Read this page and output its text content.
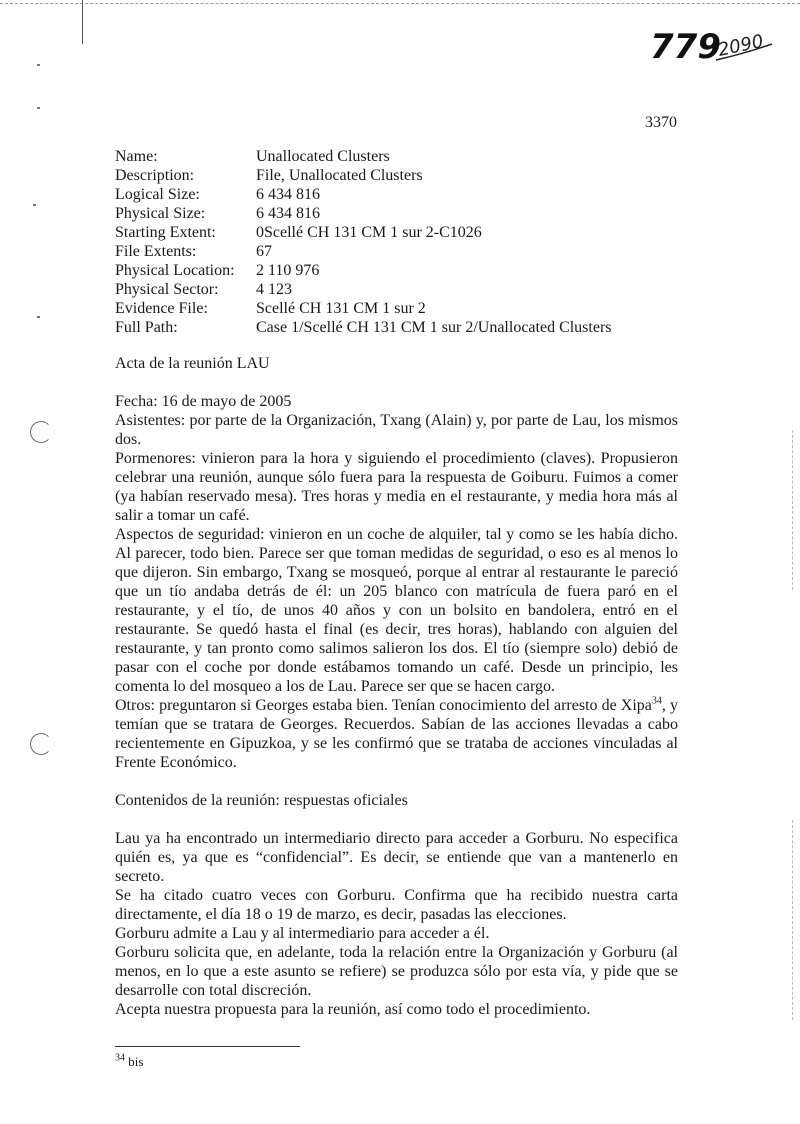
779
2090
3370
Name:	Unallocated Clusters
Description:	File, Unallocated Clusters
Logical Size:	6 434 816
Physical Size:	6 434 816
Starting Extent:	0Scellé CH 131 CM 1 sur 2-C1026
File Extents:	67
Physical Location:	2 110 976
Physical Sector:	4 123
Evidence File:	Scellé CH 131 CM 1 sur 2
Full Path:	Case 1/Scellé CH 131 CM 1 sur 2/Unallocated Clusters

Acta de la reunión LAU

Fecha: 16 de mayo de 2005

Asistentes: por parte de la Organización, Txang (Alain) y, por parte de Lau, los mismos dos.

Pormenores: vinieron para la hora y siguiendo el procedimiento (claves). Propusieron celebrar una reunión, aunque sólo fuera para la respuesta de Goiburu. Fuimos a comer (ya habían reservado mesa). Tres horas y media en el restaurante, y media hora más al salir a tomar un café.

Aspectos de seguridad: vinieron en un coche de alquiler, tal y como se les había dicho. Al parecer, todo bien. Parece ser que toman medidas de seguridad, o eso es al menos lo que dijeron. Sin embargo, Txang se mosqueó, porque al entrar al restaurante le pareció que un tío andaba detrás de él: un 205 blanco con matrícula de fuera paró en el restaurante, y el tío, de unos 40 años y con un bolsito en bandolera, entró en el restaurante. Se quedó hasta el final (es decir, tres horas), hablando con alguien del restaurante, y tan pronto como salimos salieron los dos. El tío (siempre solo) debió de pasar con el coche por donde estábamos tomando un café. Desde un principio, les comenta lo del mosqueo a los de Lau. Parece ser que se hacen cargo.

Otros: preguntaron si Georges estaba bien. Tenían conocimiento del arresto de Xipa$^{34}$, y temían que se tratara de Georges. Recuerdos. Sabían de las acciones llevadas a cabo recientemente en Gipuzkoa, y se les confirmó que se trataba de acciones vinculadas al Frente Económico.

Contenidos de la reunión: respuestas oficiales

Lau ya ha encontrado un intermediario directo para acceder a Gorburu. No especifica quién es, ya que es “confidencial”. Es decir, se entiende que van a mantenerlo en secreto.

Se ha citado cuatro veces con Gorburu. Confirma que ha recibido nuestra carta directamente, el día 18 o 19 de marzo, es decir, pasadas las elecciones.

Gorburu admite a Lau y al intermediario para acceder a él.

Gorburu solicita que, en adelante, toda la relación entre la Organización y Gorburu (al menos, en lo que a este asunto se refiere) se produzca sólo por esta vía, y pide que se desarrolle con total discreción.

Acepta nuestra propuesta para la reunión, así como todo el procedimiento.

$^{34}$ bis
